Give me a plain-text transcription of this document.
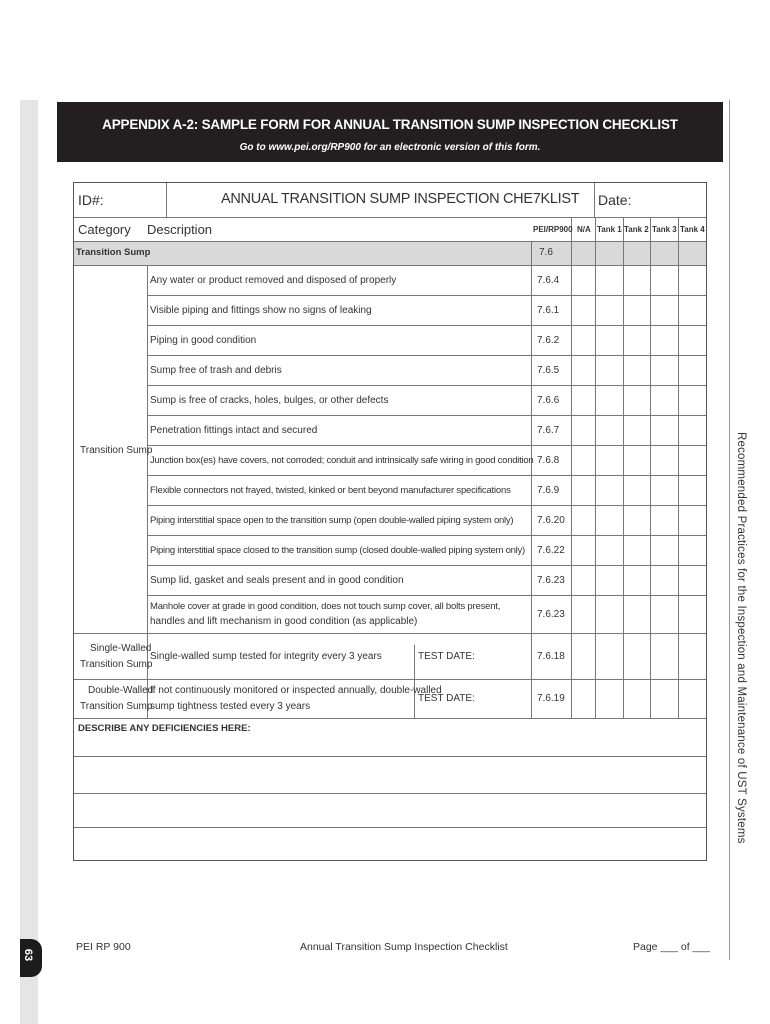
63
Recommended Practices for the Inspection and Maintenance of UST Systems
APPENDIX A-2: SAMPLE FORM FOR ANNUAL TRANSITION SUMP INSPECTION CHECKLIST
Go to www.pei.org/RP900 for an electronic version of this form.
ID#:	ANNUAL TRANSITION SUMP INSPECTION CHE7KLIST Date:
Category Description	PEI/RP900 N/A Tank 1 Tank 2 Tank 3 Tank 4
Transition Sump	7.6
Transition Sump
Any water or product removed and disposed of properly	7.6.4
Visible piping and fittings show no signs of leaking	7.6.1
Piping in good condition	7.6.2
Sump free of trash and debris	7.6.5
Sump is free of cracks, holes, bulges, or other defects	7.6.6
Penetration fittings intact and secured	7.6.7
Junction box(es) have covers, not corroded; conduit and intrinsically safe wiring in good condition 7.6.8
Flexible connectors not frayed, twisted, kinked or bent beyond manufacturer specifications	7.6.9
Piping interstitial space open to the transition sump (open double-walled piping system only) 7.6.20
Piping interstitial space closed to the transition sump (closed double-walled piping system only) 7.6.22
Sump lid, gasket and seals present and in good condition	7.6.23
Manhole cover at grade in good condition, does not touch sump cover, all bolts present,
handles and lift mechanism in good condition (as applicable)
7.6.23
Single-Walled
Transition Sump
Single-walled sump tested for integrity every 3 years	TEST DATE:	7.6.18
Double-Walled
Transition Sump
If not continuously monitored or inspected annually, double-walled
sump tightness tested every 3 years
TEST DATE:	7.6.19
DESCRIBE ANY DEFICIENCIES HERE:
PEI RP 900	Annual Transition Sump Inspection Checklist	Page ___ of ___
